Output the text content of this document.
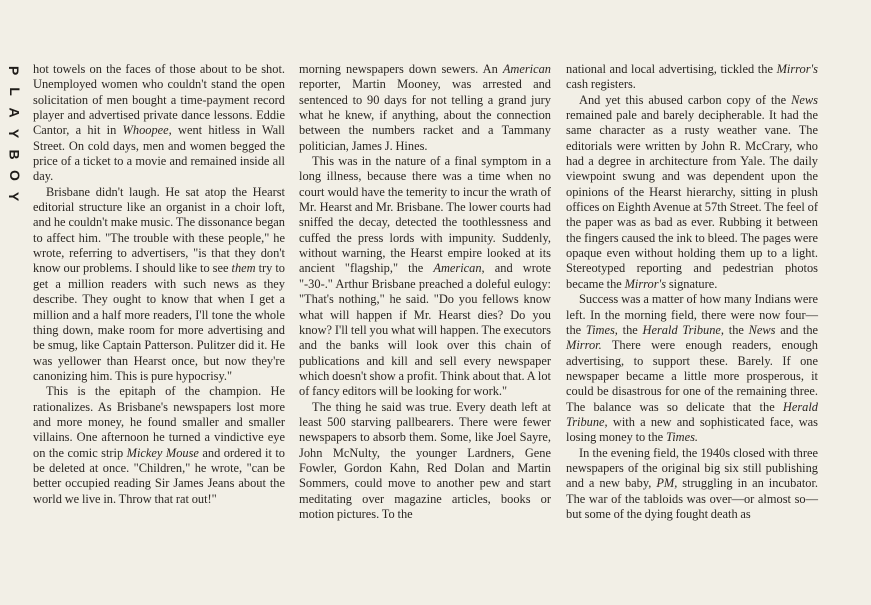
P
L
A
Y
B
O
Y

hot towels on the faces of those about to be shot. Unemployed women who couldn't stand the open solicitation of men bought a time-payment record player and advertised private dance lessons. Eddie Cantor, a hit in Whoopee, went hitless in Wall Street. On cold days, men and women begged the price of a ticket to a movie and remained inside all day.

Brisbane didn't laugh. He sat atop the Hearst editorial structure like an organist in a choir loft, and he couldn't make music. The dissonance began to affect him. "The trouble with these people," he wrote, referring to advertisers, "is that they don't know our problems. I should like to see them try to get a million readers with such news as they describe. They ought to know that when I get a million and a half more readers, I'll tone the whole thing down, make room for more advertising and be smug, like Captain Patterson. Pulitzer did it. He was yellower than Hearst once, but now they're canonizing him. This is pure hypocrisy."

This is the epitaph of the champion. He rationalizes. As Brisbane's newspapers lost more and more money, he found smaller and smaller villains. One afternoon he turned a vindictive eye on the comic strip Mickey Mouse and ordered it to be deleted at once. "Children," he wrote, "can be better occupied reading Sir James Jeans about the world we live in. Throw that rat out!"

morning newspapers down sewers. An American reporter, Martin Mooney, was arrested and sentenced to 90 days for not telling a grand jury what he knew, if anything, about the connection between the numbers racket and a Tammany politician, James J. Hines.

This was in the nature of a final symptom in a long illness, because there was a time when no court would have the temerity to incur the wrath of Mr. Hearst and Mr. Brisbane. The lower courts had sniffed the decay, detected the toothlessness and cuffed the press lords with impunity. Suddenly, without warning, the Hearst empire looked at its ancient "flagship," the American, and wrote "-30-." Arthur Brisbane preached a doleful eulogy: "That's nothing," he said. "Do you fellows know what will happen if Mr. Hearst dies? Do you know? I'll tell you what will happen. The executors and the banks will look over this chain of publications and kill and sell every newspaper which doesn't show a profit. Think about that. A lot of fancy editors will be looking for work."

The thing he said was true. Every death left at least 500 starving pallbearers. There were fewer newspapers to absorb them. Some, like Joel Sayre, John McNulty, the younger Lardners, Gene Fowler, Gordon Kahn, Red Dolan and Martin Sommers, could move to another pew and start meditating over magazine articles, books or motion pictures. To the

national and local advertising, tickled the Mirror's cash registers.

And yet this abused carbon copy of the News remained pale and barely decipherable. It had the same character as a rusty weather vane. The editorials were written by John R. McCrary, who had a degree in architecture from Yale. The daily viewpoint swung and was dependent upon the opinions of the Hearst hierarchy, sitting in plush offices on Eighth Avenue at 57th Street. The feel of the paper was as bad as ever. Rubbing it between the fingers caused the ink to bleed. The pages were opaque even without holding them up to a light. Stereotyped reporting and pedestrian photos became the Mirror's signature.

Success was a matter of how many Indians were left. In the morning field, there were now four—the Times, the Herald Tribune, the News and the Mirror. There were enough readers, enough advertising, to support these. Barely. If one newspaper became a little more prosperous, it could be disastrous for one of the remaining three. The balance was so delicate that the Herald Tribune, with a new and sophisticated face, was losing money to the Times.

In the evening field, the 1940s closed with three newspapers of the original big six still publishing and a new baby, PM, struggling in an incubator. The war of the tabloids was over—or almost so—but some of the dying fought death as
